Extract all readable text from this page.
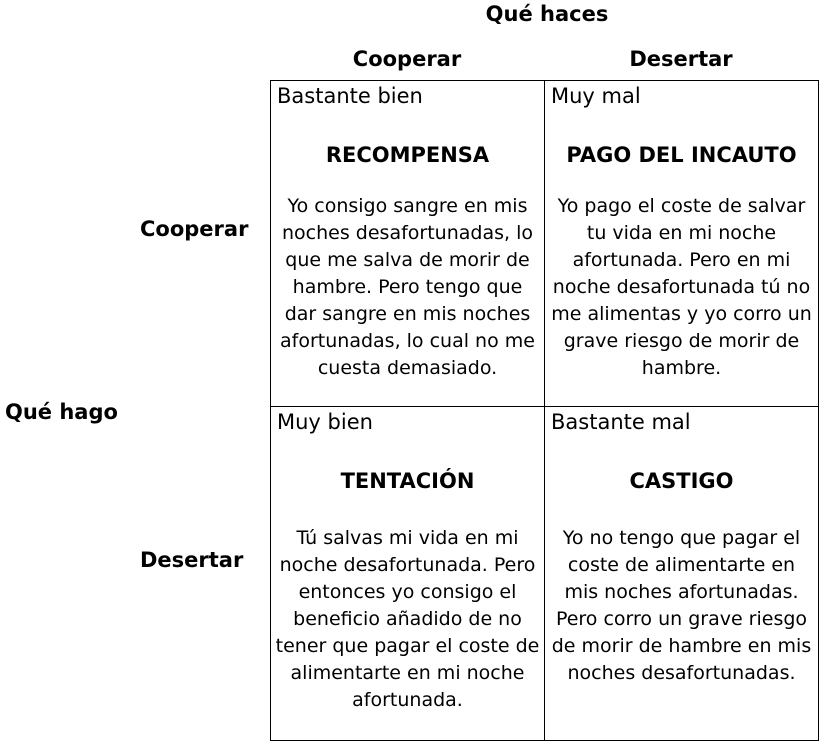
Qué haces
Cooperar	Desertar
Qué hago
Cooperar
Desertar
Bastante bien
RECOMPENSA
Yo consigo sangre en mis noches desafortunadas, lo que me salva de morir de hambre. Pero tengo que dar sangre en mis noches afortunadas, lo cual no me cuesta demasiado.
Muy mal
PAGO DEL INCAUTO
Yo pago el coste de salvar tu vida en mi noche afortunada. Pero en mi noche desafortunada tú no me alimentas y yo corro un grave riesgo de morir de hambre.
Muy bien
TENTACIÓN
Tú salvas mi vida en mi noche desafortunada. Pero entonces yo consigo el beneficio añadido de no tener que pagar el coste de alimentarte en mi noche afortunada.
Bastante mal
CASTIGO
Yo no tengo que pagar el coste de alimentarte en mis noches afortunadas. Pero corro un grave riesgo de morir de hambre en mis noches desafortunadas.
